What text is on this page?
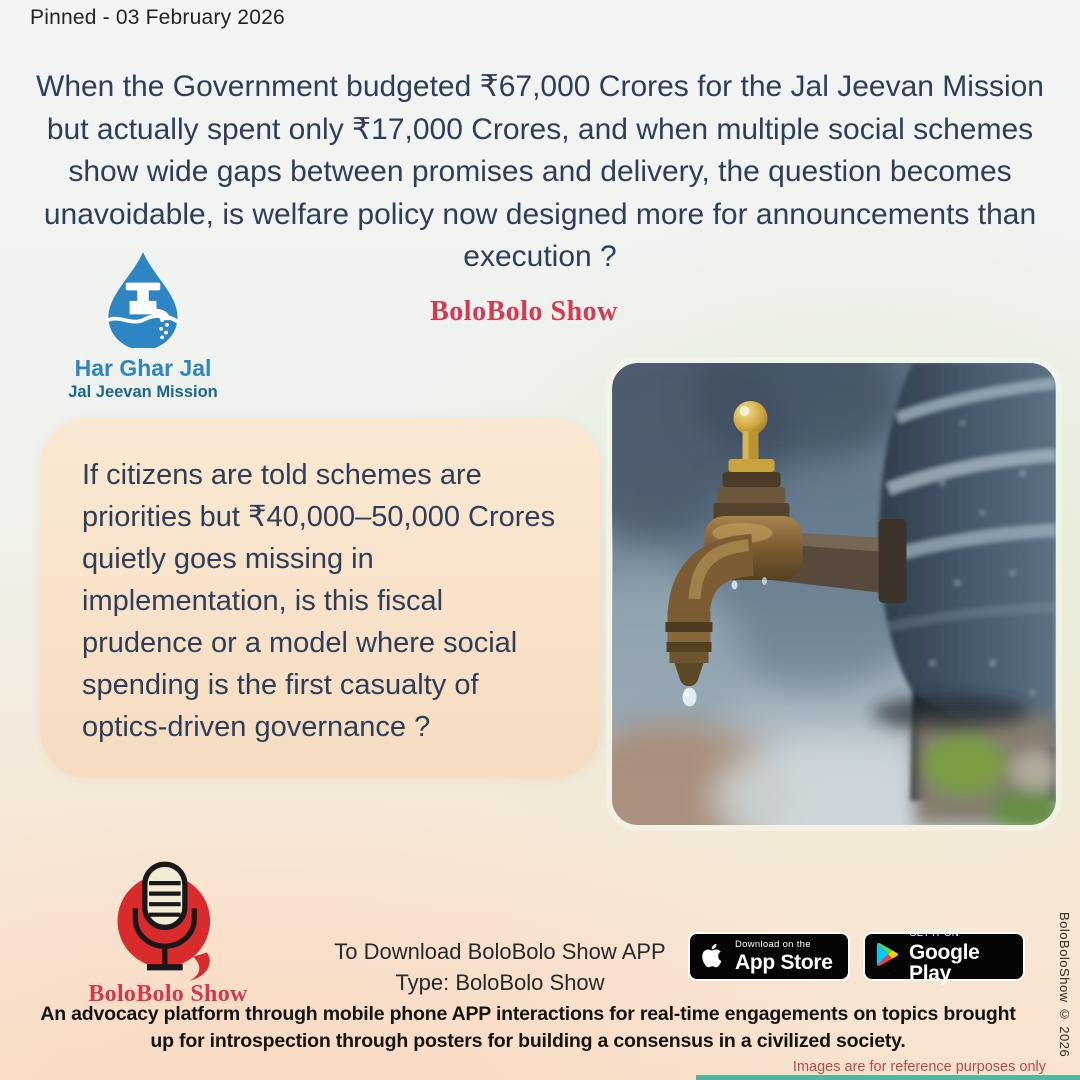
Pinned - 03 February 2026
When the Government budgeted ₹67,000 Crores for the Jal Jeevan Mission but actually spent only ₹17,000 Crores, and when multiple social schemes show wide gaps between promises and delivery, the question becomes unavoidable, is welfare policy now designed more for announcements than execution ?
Har Ghar Jal
Jal Jeevan Mission
BoloBolo Show
If citizens are told schemes are priorities but ₹40,000–50,000 Crores quietly goes missing in implementation, is this fiscal prudence or a model where social spending is the first casualty of optics-driven governance ?
BoloBolo Show
To Download BoloBolo Show APP
Type: BoloBolo Show
Download on the
App Store
GET IT ON
Google Play
An advocacy platform through mobile phone APP interactions for real-time engagements on topics brought up for introspection through posters for building a consensus in a civilized society.	BoloBoloShow © 2026
Images are for reference purposes only
